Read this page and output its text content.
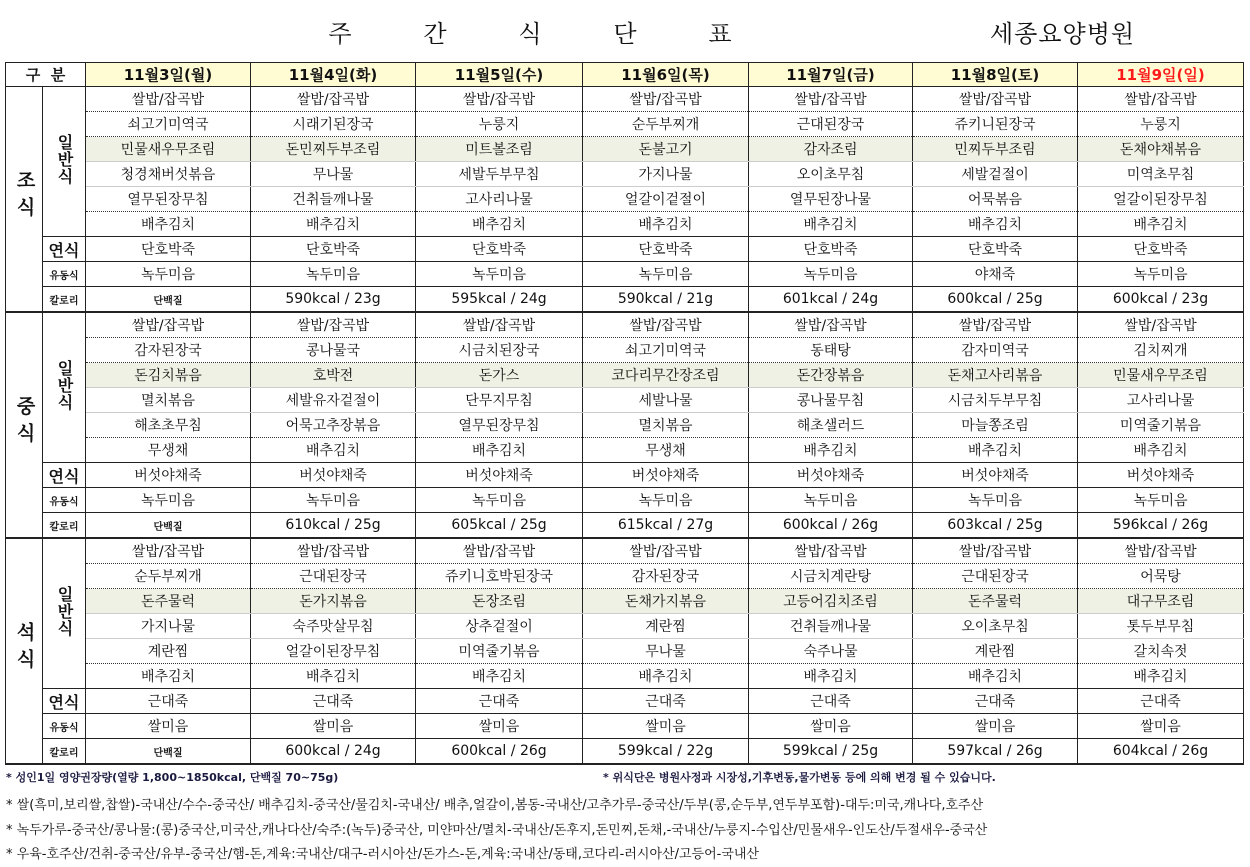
주	간	식	단	표	세종요양병원
구  분		11월3일(월)	11월4일(화)	11월5일(수)	11월6일(목)	11월7일(금)	11월8일(토)	11월9일(일)	
조식	일반식	쌀밥/잡곡밥	쌀밥/잡곡밥	쌀밥/잡곡밥	쌀밥/잡곡밥	쌀밥/잡곡밥	쌀밥/잡곡밥	쌀밥/잡곡밥	
		쇠고기미역국	시래기된장국	누룽지	순두부찌개	근대된장국	쥬키니된장국	누룽지	
		민물새우무조림	돈민찌두부조림	미트볼조림	돈불고기	감자조림	민찌두부조림	돈채야채볶음	
		청경채버섯볶음	무나물	세발두부무침	가지나물	오이초무침	세발겉절이	미역초무침	
		열무된장무침	건취들깨나물	고사리나물	얼갈이겉절이	열무된장나물	어묵볶음	얼갈이된장무침	
		배추김치	배추김치	배추김치	배추김치	배추김치	배추김치	배추김치	
	연식	단호박죽	단호박죽	단호박죽	단호박죽	단호박죽	단호박죽	단호박죽	
	유동식	녹두미음	녹두미음	녹두미음	녹두미음	녹두미음	야채죽	녹두미음	
	칼로리	단백질	590kcal / 23g	595kcal / 24g	590kcal / 21g	601kcal / 24g	600kcal / 25g	600kcal / 23g	
중식	일반식	쌀밥/잡곡밥	쌀밥/잡곡밥	쌀밥/잡곡밥	쌀밥/잡곡밥	쌀밥/잡곡밥	쌀밥/잡곡밥	쌀밥/잡곡밥	
		감자된장국	콩나물국	시금치된장국	쇠고기미역국	동태탕	감자미역국	김치찌개	
		돈김치볶음	호박전	돈가스	코다리무간장조림	돈간장볶음	돈채고사리볶음	민물새우무조림	
		멸치볶음	세발유자겉절이	단무지무침	세발나물	콩나물무침	시금치두부무침	고사리나물	
		해초초무침	어묵고추장볶음	열무된장무침	멸치볶음	해초샐러드	마늘쫑조림	미역줄기볶음	
		무생채	배추김치	배추김치	무생채	배추김치	배추김치	배추김치	
	연식	버섯야채죽	버섯야채죽	버섯야채죽	버섯야채죽	버섯야채죽	버섯야채죽	버섯야채죽	
	유동식	녹두미음	녹두미음	녹두미음	녹두미음	녹두미음	녹두미음	녹두미음	
	칼로리	단백질	610kcal / 25g	605kcal / 25g	615kcal / 27g	600kcal / 26g	603kcal / 25g	596kcal / 26g	
석식	일반식	쌀밥/잡곡밥	쌀밥/잡곡밥	쌀밥/잡곡밥	쌀밥/잡곡밥	쌀밥/잡곡밥	쌀밥/잡곡밥	쌀밥/잡곡밥	
		순두부찌개	근대된장국	쥬키니호박된장국	감자된장국	시금치계란탕	근대된장국	어묵탕	
		돈주물럭	돈가지볶음	돈장조림	돈채가지볶음	고등어김치조림	돈주물럭	대구무조림	
		가지나물	숙주맛살무침	상추겉절이	계란찜	건취들깨나물	오이초무침	톳두부무침	
		계란찜	얼갈이된장무침	미역줄기볶음	무나물	숙주나물	계란찜	갈치속젓	
		배추김치	배추김치	배추김치	배추김치	배추김치	배추김치	배추김치	
	연식	근대죽	근대죽	근대죽	근대죽	근대죽	근대죽	근대죽	
	유동식	쌀미음	쌀미음	쌀미음	쌀미음	쌀미음	쌀미음	쌀미음	
	칼로리	단백질	600kcal / 24g	600kcal / 26g	599kcal / 22g	599kcal / 25g	597kcal / 26g	604kcal / 26g	
* 성인1일 영양권장량(열량 1,800~1850kcal, 단백질 70~75g)	* 위식단은 병원사정과 시장성,기후변동,물가변동 등에 의해 변경 될 수 있습니다.
* 쌀(흑미,보리쌀,찹쌀)-국내산/수수-중국산/ 배추김치-중국산/물김치-국내산/ 배추,얼갈이,봄동-국내산/고추가루-중국산/두부(콩,순두부,연두부포함)-대두:미국,캐나다,호주산
* 녹두가루-중국산/콩나물:(콩)중국산,미국산,캐나다산/숙주:(녹두)중국산, 미얀마산/멸치-국내산/돈후지,돈민찌,돈채,-국내산/누룽지-수입산/민물새우-인도산/두절새우-중국산
* 우육-호주산/건취-중국산/유부-중국산/햄-돈,계육:국내산/대구-러시아산/돈가스-돈,계육:국내산/동태,코다리-러시아산/고등어-국내산
